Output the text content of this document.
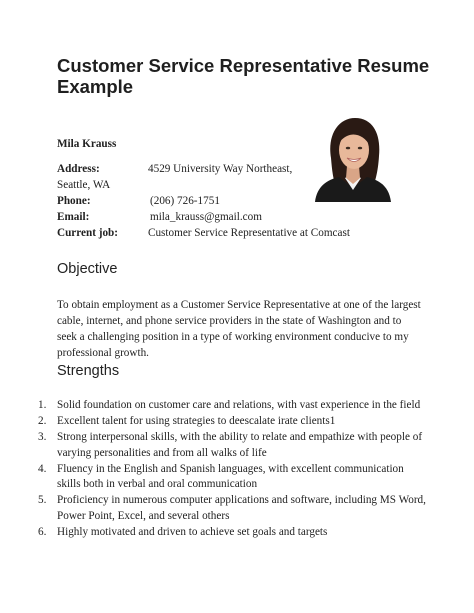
Customer Service Representative Resume Example
Mila Krauss
Address:	4529 University Way Northeast,
Seattle, WA
Phone:	(206) 726-1751
Email:	mila_krauss@gmail.com
Current job:	Customer Service Representative at Comcast
Objective

To obtain employment as a Customer Service Representative at one of the largest cable, internet, and phone service providers in the state of Washington and to seek a challenging position in a type of working environment conducive to my professional growth.

Strengths
1. Solid foundation on customer care and relations, with vast experience in the field
2. Excellent talent for using strategies to deescalate irate clients1
3. Strong interpersonal skills, with the ability to relate and empathize with people of varying personalities and from all walks of life
4. Fluency in the English and Spanish languages, with excellent communication skills both in verbal and oral communication
5. Proficiency in numerous computer applications and software, including MS Word, Power Point, Excel, and several others
6. Highly motivated and driven to achieve set goals and targets
